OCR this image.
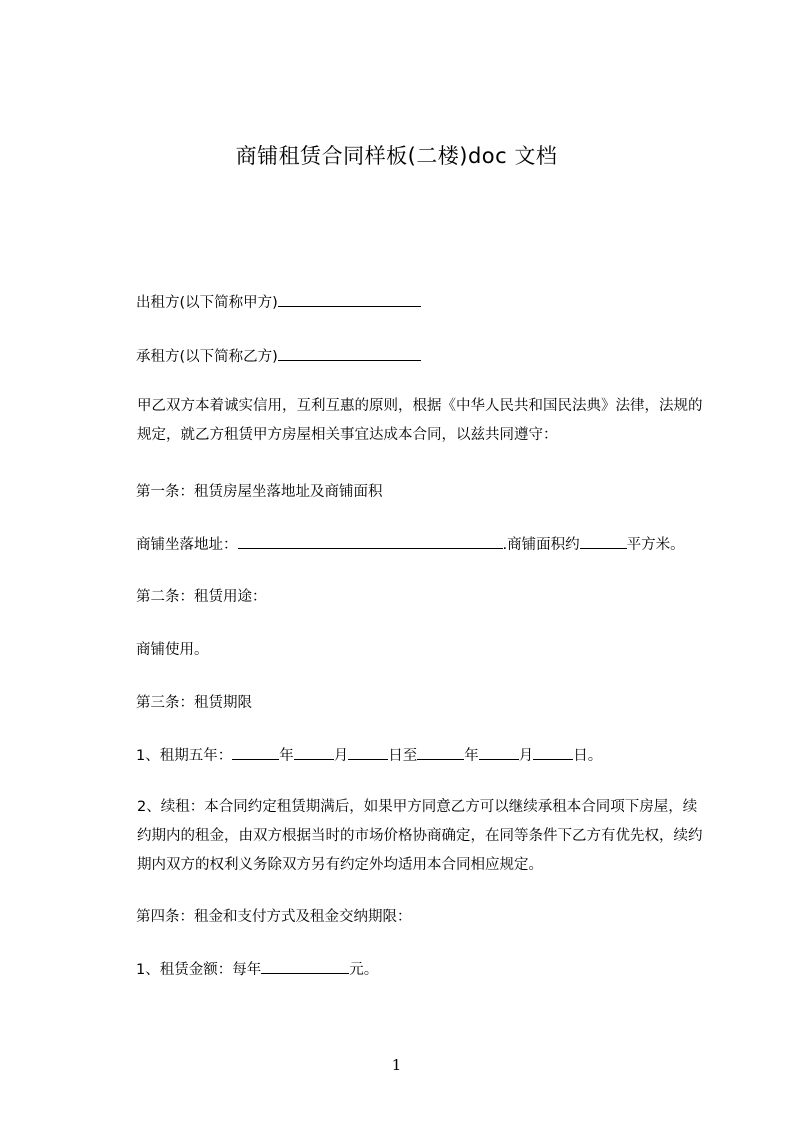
商铺租赁合同样板(二楼)doc 文档
出租方(以下简称甲方)
承租方(以下简称乙方)
甲乙双方本着诚实信用，互利互惠的原则，根据《中华人民共和国民法典》法律，法规的规定，就乙方租赁甲方房屋相关事宜达成本合同，以兹共同遵守：
第一条：租赁房屋坐落地址及商铺面积
商铺坐落地址：	.商铺面积约	平方米。
第二条：租赁用途：
商铺使用。
第三条：租赁期限
1、租期五年：	年	月	日至	年	月	日。
2、续租：本合同约定租赁期满后，如果甲方同意乙方可以继续承租本合同项下房屋，续约期内的租金，由双方根据当时的市场价格协商确定，在同等条件下乙方有优先权，续约期内双方的权利义务除双方另有约定外均适用本合同相应规定。
第四条：租金和支付方式及租金交纳期限：
1、租赁金额：每年	元。
1
